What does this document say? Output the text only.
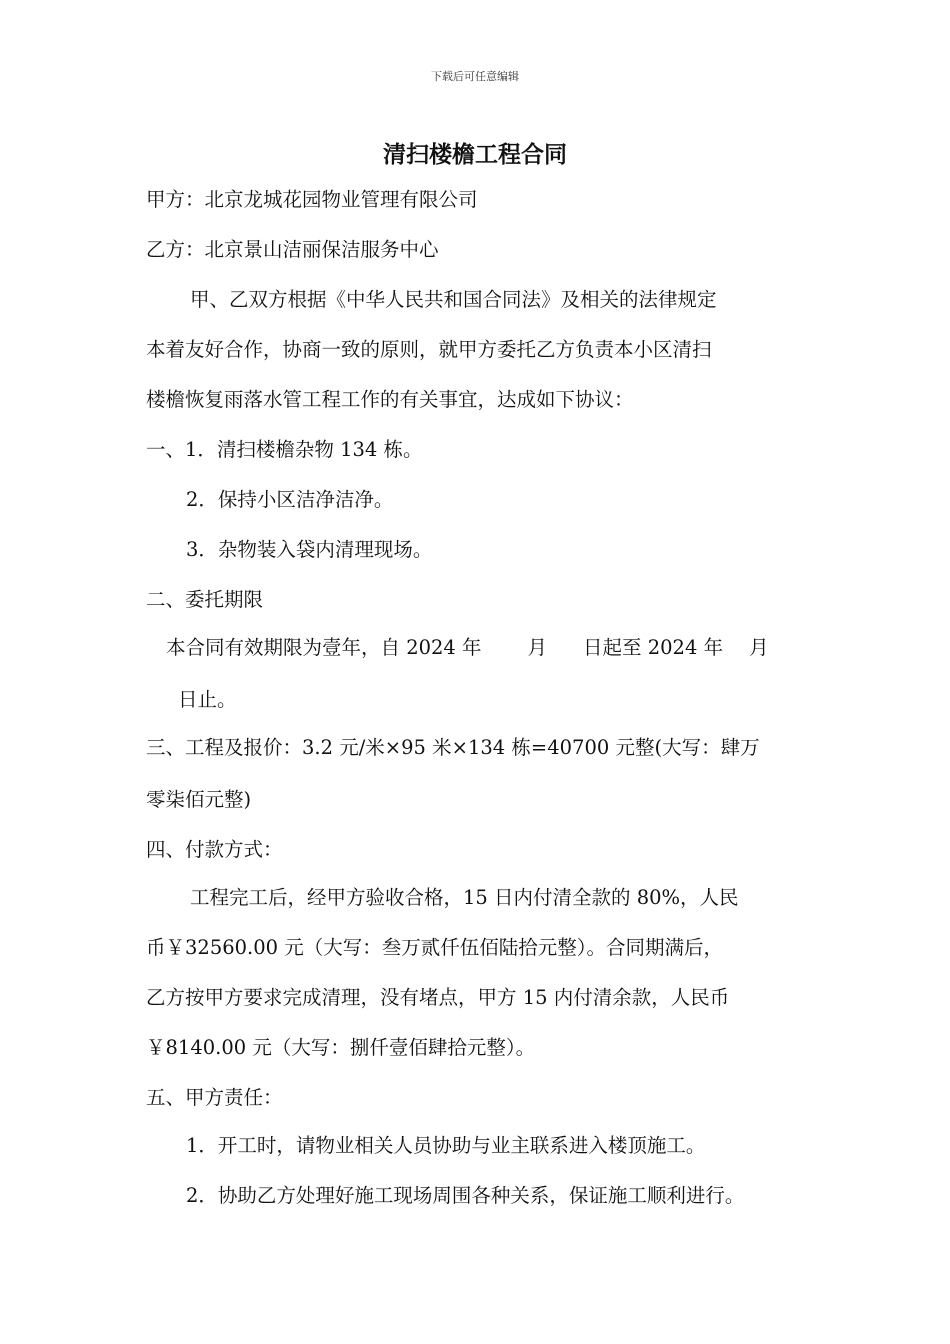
下载后可任意编辑
清扫楼檐工程合同
甲方：北京龙城花园物业管理有限公司
乙方：北京景山洁丽保洁服务中心
甲、乙双方根据《中华人民共和国合同法》及相关的法律规定
本着友好合作，协商一致的原则，就甲方委托乙方负责本小区清扫
楼檐恢复雨落水管工程工作的有关事宜，达成如下协议：
一、1．清扫楼檐杂物 134 栋。
2．保持小区洁净洁净。
3．杂物装入袋内清理现场。
二、委托期限
本合同有效期限为壹年，自 2024 年 月 日起至 2024 年 月
日止。
三、工程及报价：3.2 元/米×95 米×134 栋=40700 元整(大写：肆万
零柒佰元整)
四、付款方式：
工程完工后，经甲方验收合格，15 日内付清全款的 80%，人民
币￥32560.00 元（大写：叁万贰仟伍佰陆拾元整）。合同期满后，
乙方按甲方要求完成清理，没有堵点，甲方 15 内付清余款，人民币
￥8140.00 元（大写：捌仟壹佰肆拾元整）。
五、甲方责任：
1．开工时，请物业相关人员协助与业主联系进入楼顶施工。
2．协助乙方处理好施工现场周围各种关系，保证施工顺利进行。
